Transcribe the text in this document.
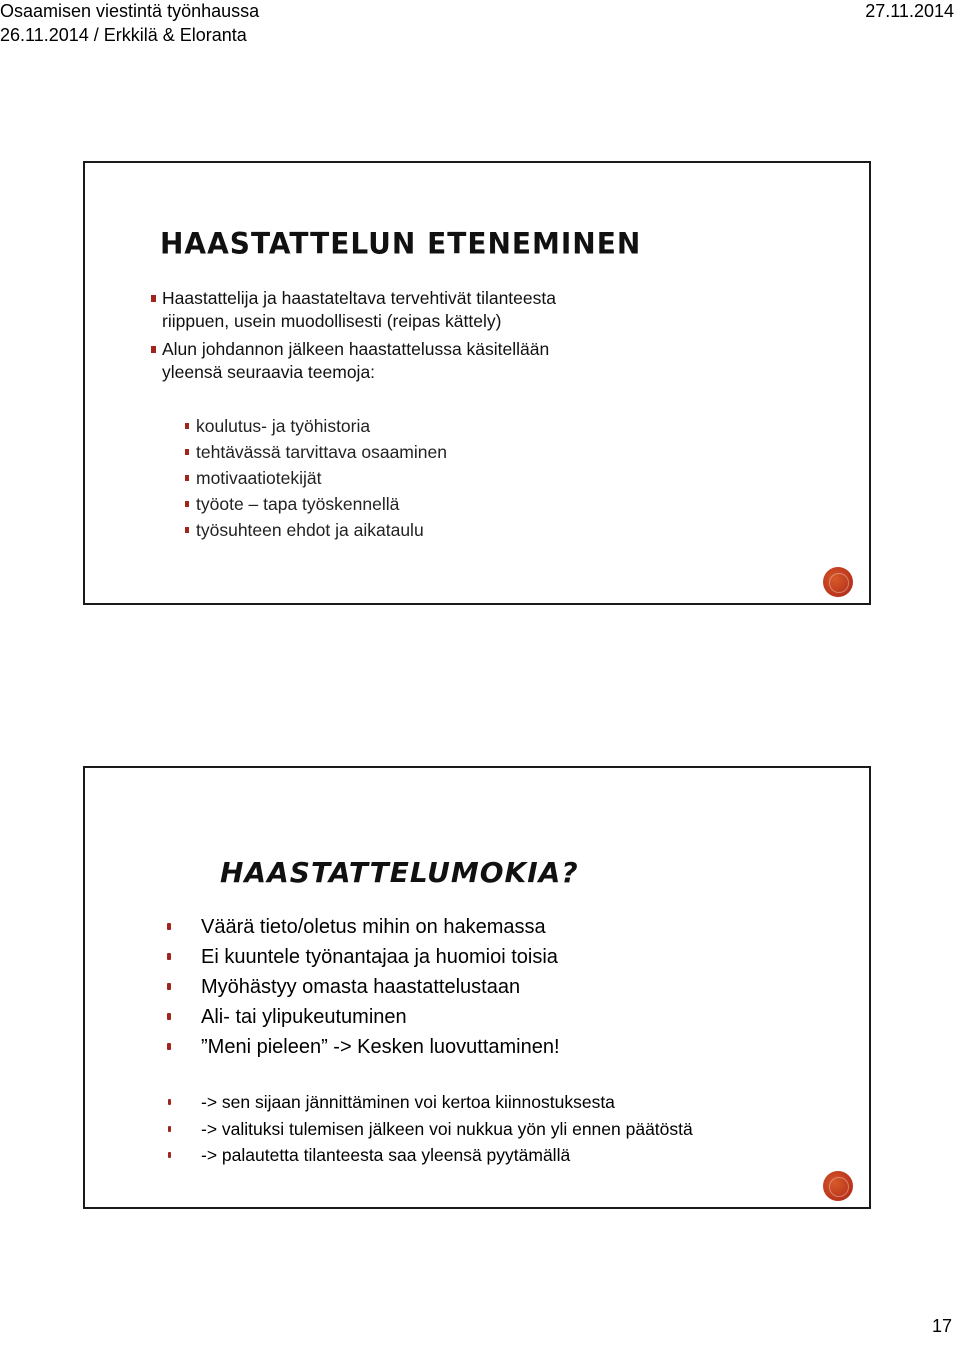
Osaamisen viestintä työnhaussa	27.11.2014
26.11.2014 / Erkkilä & Eloranta
HAASTATTELUN ETENEMINEN
Haastattelija ja haastateltava tervehtivät tilanteesta
riippuen, usein muodollisesti (reipas kättely)
Alun johdannon jälkeen haastattelussa käsitellään
yleensä seuraavia teemoja:
koulutus- ja työhistoria
tehtävässä tarvittava osaaminen
motivaatiotekijät
työote – tapa työskennellä
työsuhteen ehdot ja aikataulu
HAASTATTELUMOKIA?
Väärä tieto/oletus mihin on hakemassa
Ei kuuntele työnantajaa ja huomioi toisia
Myöhästyy omasta haastattelustaan
Ali- tai ylipukeutuminen
”Meni pieleen” -> Kesken luovuttaminen!
-> sen sijaan jännittäminen voi kertoa kiinnostuksesta
-> valituksi tulemisen jälkeen voi nukkua yön yli ennen päätöstä
-> palautetta tilanteesta saa yleensä pyytämällä
17
